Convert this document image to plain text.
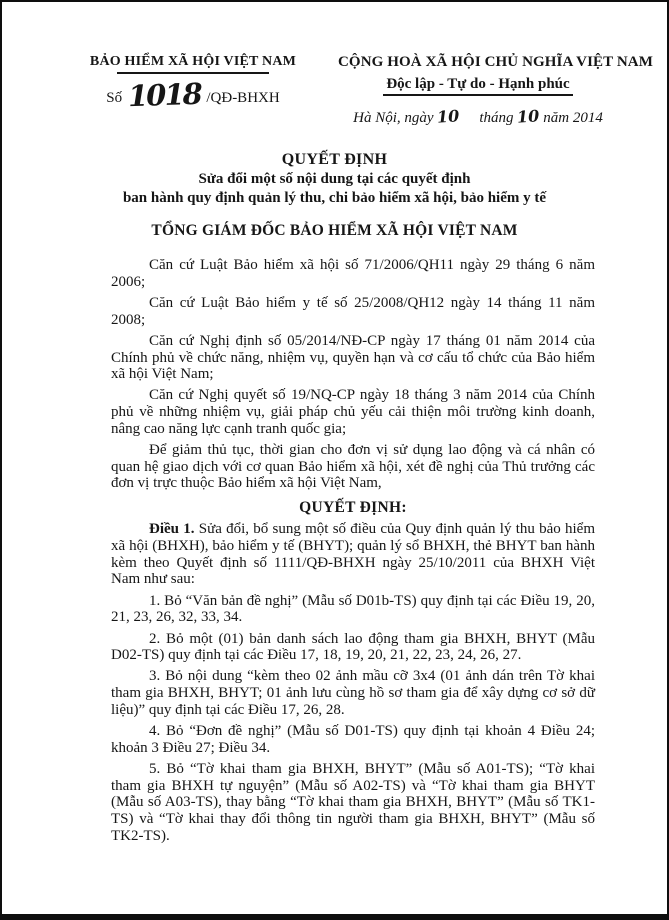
BẢO HIỂM XÃ HỘI VIỆT NAM
Số 1018 /QĐ-BHXH
CỘNG HOÀ XÃ HỘI CHỦ NGHĨA VIỆT NAM
Độc lập - Tự do - Hạnh phúc
Hà Nội, ngày 10 tháng 10 năm 2014
QUYẾT ĐỊNH
Sửa đổi một số nội dung tại các quyết định
ban hành quy định quản lý thu, chi bảo hiểm xã hội, bảo hiểm y tế
TỔNG GIÁM ĐỐC BẢO HIỂM XÃ HỘI VIỆT NAM

Căn cứ Luật Bảo hiểm xã hội số 71/2006/QH11 ngày 29 tháng 6 năm 2006;

Căn cứ Luật Bảo hiểm y tế số 25/2008/QH12 ngày 14 tháng 11 năm 2008;

Căn cứ Nghị định số 05/2014/NĐ-CP ngày 17 tháng 01 năm 2014 của Chính phủ về chức năng, nhiệm vụ, quyền hạn và cơ cấu tổ chức của Bảo hiểm xã hội Việt Nam;

Căn cứ Nghị quyết số 19/NQ-CP ngày 18 tháng 3 năm 2014 của Chính phủ về những nhiệm vụ, giải pháp chủ yếu cải thiện môi trường kinh doanh, nâng cao năng lực cạnh tranh quốc gia;

Để giảm thủ tục, thời gian cho đơn vị sử dụng lao động và cá nhân có quan hệ giao dịch với cơ quan Bảo hiểm xã hội, xét đề nghị của Thủ trưởng các đơn vị trực thuộc Bảo hiểm xã hội Việt Nam,

QUYẾT ĐỊNH:

Điều 1. Sửa đổi, bổ sung một số điều của Quy định quản lý thu bảo hiểm xã hội (BHXH), bảo hiểm y tế (BHYT); quản lý sổ BHXH, thẻ BHYT ban hành kèm theo Quyết định số 1111/QĐ-BHXH ngày 25/10/2011 của BHXH Việt Nam như sau:

1. Bỏ “Văn bản đề nghị” (Mẫu số D01b-TS) quy định tại các Điều 19, 20, 21, 23, 26, 32, 33, 34.

2. Bỏ một (01) bản danh sách lao động tham gia BHXH, BHYT (Mẫu D02-TS) quy định tại các Điều 17, 18, 19, 20, 21, 22, 23, 24, 26, 27.

3. Bỏ nội dung “kèm theo 02 ảnh mầu cỡ 3x4 (01 ảnh dán trên Tờ khai tham gia BHXH, BHYT; 01 ảnh lưu cùng hồ sơ tham gia để xây dựng cơ sở dữ liệu)” quy định tại các Điều 17, 26, 28.

4. Bỏ “Đơn đề nghị” (Mẫu số D01-TS) quy định tại khoản 4 Điều 24; khoản 3 Điều 27; Điều 34.

5. Bỏ “Tờ khai tham gia BHXH, BHYT” (Mẫu số A01-TS); “Tờ khai tham gia BHXH tự nguyện” (Mẫu số A02-TS) và “Tờ khai tham gia BHYT (Mẫu số A03-TS), thay bằng “Tờ khai tham gia BHXH, BHYT” (Mẫu số TK1-TS) và “Tờ khai thay đổi thông tin người tham gia BHXH, BHYT” (Mẫu số TK2-TS).
